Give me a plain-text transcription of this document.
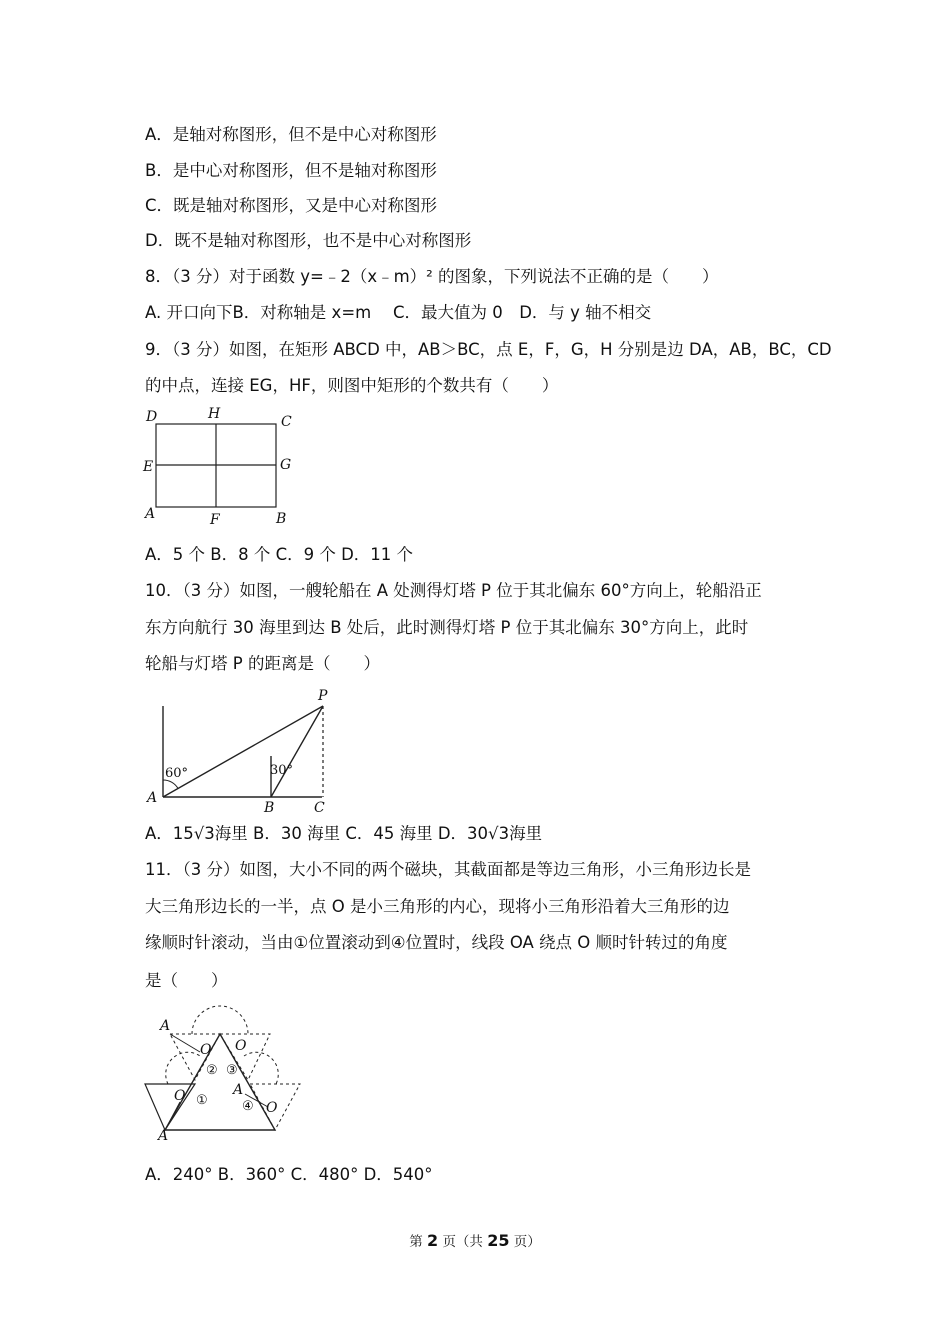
A．是轴对称图形，但不是中心对称图形
B．是中心对称图形，但不是轴对称图形
C．既是轴对称图形，又是中心对称图形
D．既不是轴对称图形，也不是中心对称图形
8．（3 分）对于函数 y=﹣2（x﹣m）² 的图象，下列说法不正确的是（　　）
A. 开口向下B．对称轴是 x=m　 C．最大值为 0　D．与 y 轴不相交
9．（3 分）如图，在矩形 ABCD 中，AB＞BC，点 E，F，G，H 分别是边 DA，AB，BC，CD
的中点，连接 EG，HF，则图中矩形的个数共有（　　）
A．5 个 B．8 个 C．9 个 D．11 个
10．（3 分）如图，一艘轮船在 A 处测得灯塔 P 位于其北偏东 60°方向上，轮船沿正
东方向航行 30 海里到达 B 处后，此时测得灯塔 P 位于其北偏东 30°方向上，此时
轮船与灯塔 P 的距离是（　　）
A．15√3海里 B．30 海里 C．45 海里 D．30√3海里
11．（3 分）如图，大小不同的两个磁块，其截面都是等边三角形，小三角形边长是
大三角形边长的一半，点 O 是小三角形的内心，现将小三角形沿着大三角形的边
缘顺时针滚动，当由①位置滚动到④位置时，线段 OA 绕点 O 顺时针转过的角度
是（　　）
A．240° B．360° C．480° D．540°
D	H	C
E	G
A	F	B
P
60°	30°
A
B	C
A
O O
② ③
O ①
A
④ O
A
第 2 页（共 25 页）
